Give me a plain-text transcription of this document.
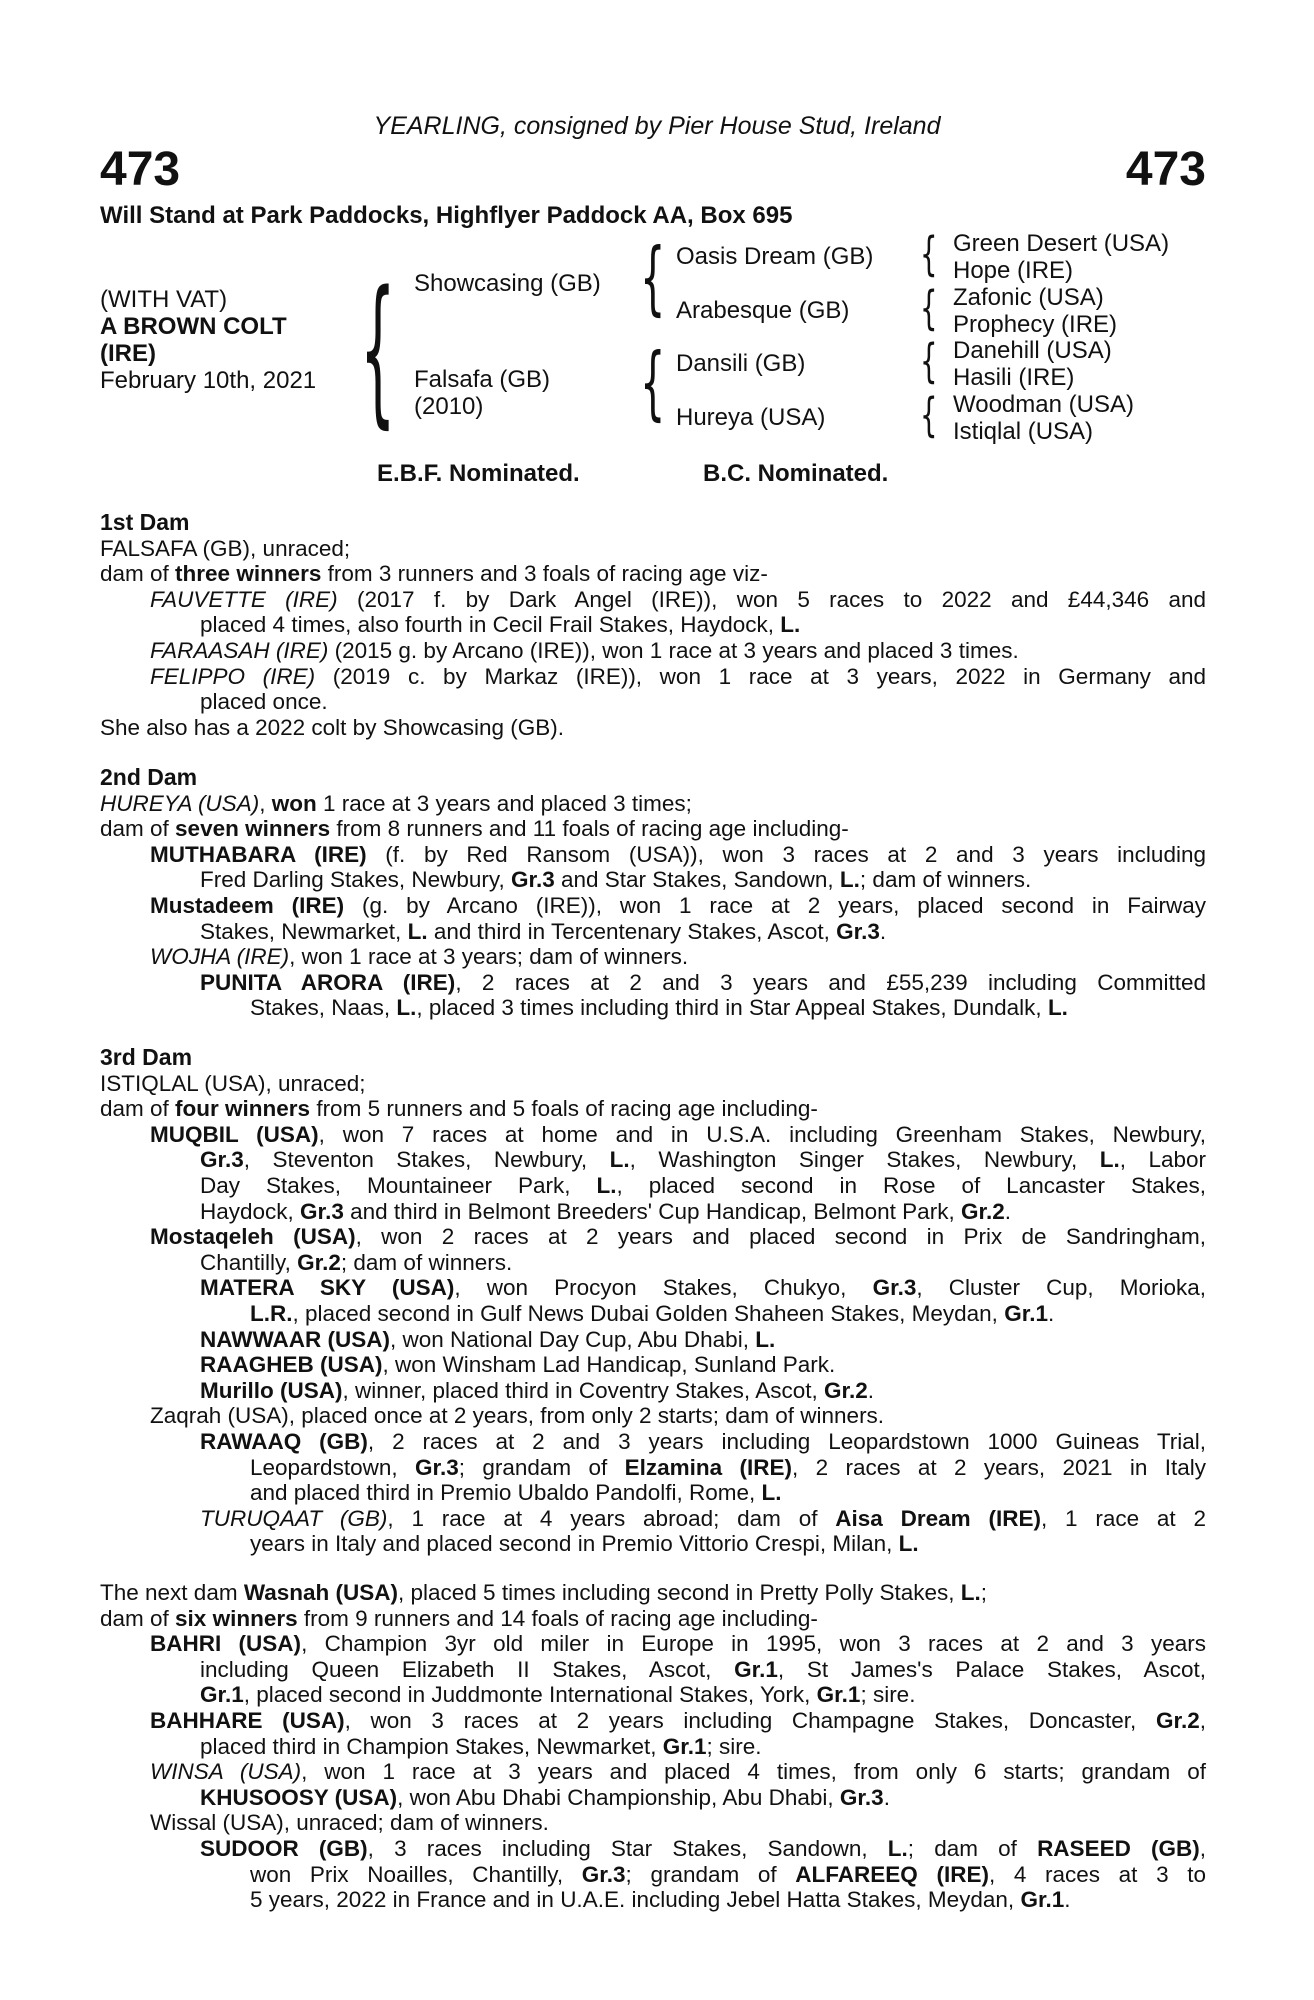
YEARLING, consigned by Pier House Stud, Ireland
473	473
Will Stand at Park Paddocks, Highflyer Paddock AA, Box 695
(WITH VAT)
A BROWN COLT
(IRE)
February 10th, 2021 { Showcasing (GB)
Falsafa (GB)
(2010)
{
{
Oasis Dream (GB)
Arabesque (GB)
Dansili (GB)
Hureya (USA)
{
{
{
{
Green Desert (USA)
Hope (IRE)
Zafonic (USA)
Prophecy (IRE)
Danehill (USA)
Hasili (IRE)
Woodman (USA)
Istiqlal (USA)
E.B.F. Nominated.	B.C. Nominated.
1st Dam
FALSAFA (GB), unraced;
dam of three winners from 3 runners and 3 foals of racing age viz-
FAUVETTE (IRE) (2017 f. by Dark Angel (IRE)), won 5 races to 2022 and £44,346 and
placed 4 times, also fourth in Cecil Frail Stakes, Haydock, L.
FARAASAH (IRE) (2015 g. by Arcano (IRE)), won 1 race at 3 years and placed 3 times.
FELIPPO (IRE) (2019 c. by Markaz (IRE)), won 1 race at 3 years, 2022 in Germany and
placed once.
She also has a 2022 colt by Showcasing (GB).
2nd Dam
HUREYA (USA), won 1 race at 3 years and placed 3 times;
dam of seven winners from 8 runners and 11 foals of racing age including-
MUTHABARA (IRE) (f. by Red Ransom (USA)), won 3 races at 2 and 3 years including
Fred Darling Stakes, Newbury, Gr.3 and Star Stakes, Sandown, L.; dam of winners.
Mustadeem (IRE) (g. by Arcano (IRE)), won 1 race at 2 years, placed second in Fairway
Stakes, Newmarket, L. and third in Tercentenary Stakes, Ascot, Gr.3.
WOJHA (IRE), won 1 race at 3 years; dam of winners.
PUNITA ARORA (IRE), 2 races at 2 and 3 years and £55,239 including Committed
Stakes, Naas, L., placed 3 times including third in Star Appeal Stakes, Dundalk, L.
3rd Dam
ISTIQLAL (USA), unraced;
dam of four winners from 5 runners and 5 foals of racing age including-
MUQBIL (USA), won 7 races at home and in U.S.A. including Greenham Stakes, Newbury,
Gr.3, Steventon Stakes, Newbury, L., Washington Singer Stakes, Newbury, L., Labor
Day Stakes, Mountaineer Park, L., placed second in Rose of Lancaster Stakes,
Haydock, Gr.3 and third in Belmont Breeders' Cup Handicap, Belmont Park, Gr.2.
Mostaqeleh (USA), won 2 races at 2 years and placed second in Prix de Sandringham,
Chantilly, Gr.2; dam of winners.
MATERA SKY (USA), won Procyon Stakes, Chukyo, Gr.3, Cluster Cup, Morioka,
L.R., placed second in Gulf News Dubai Golden Shaheen Stakes, Meydan, Gr.1.
NAWWAAR (USA), won National Day Cup, Abu Dhabi, L.
RAAGHEB (USA), won Winsham Lad Handicap, Sunland Park.
Murillo (USA), winner, placed third in Coventry Stakes, Ascot, Gr.2.
Zaqrah (USA), placed once at 2 years, from only 2 starts; dam of winners.
RAWAAQ (GB), 2 races at 2 and 3 years including Leopardstown 1000 Guineas Trial,
Leopardstown, Gr.3; grandam of Elzamina (IRE), 2 races at 2 years, 2021 in Italy
and placed third in Premio Ubaldo Pandolfi, Rome, L.
TURUQAAT (GB), 1 race at 4 years abroad; dam of Aisa Dream (IRE), 1 race at 2
years in Italy and placed second in Premio Vittorio Crespi, Milan, L.
The next dam Wasnah (USA), placed 5 times including second in Pretty Polly Stakes, L.;
dam of six winners from 9 runners and 14 foals of racing age including-
BAHRI (USA), Champion 3yr old miler in Europe in 1995, won 3 races at 2 and 3 years
including Queen Elizabeth II Stakes, Ascot, Gr.1, St James's Palace Stakes, Ascot,
Gr.1, placed second in Juddmonte International Stakes, York, Gr.1; sire.
BAHHARE (USA), won 3 races at 2 years including Champagne Stakes, Doncaster, Gr.2,
placed third in Champion Stakes, Newmarket, Gr.1; sire.
WINSA (USA), won 1 race at 3 years and placed 4 times, from only 6 starts; grandam of
KHUSOOSY (USA), won Abu Dhabi Championship, Abu Dhabi, Gr.3.
Wissal (USA), unraced; dam of winners.
SUDOOR (GB), 3 races including Star Stakes, Sandown, L.; dam of RASEED (GB),
won Prix Noailles, Chantilly, Gr.3; grandam of ALFAREEQ (IRE), 4 races at 3 to
5 years, 2022 in France and in U.A.E. including Jebel Hatta Stakes, Meydan, Gr.1.
